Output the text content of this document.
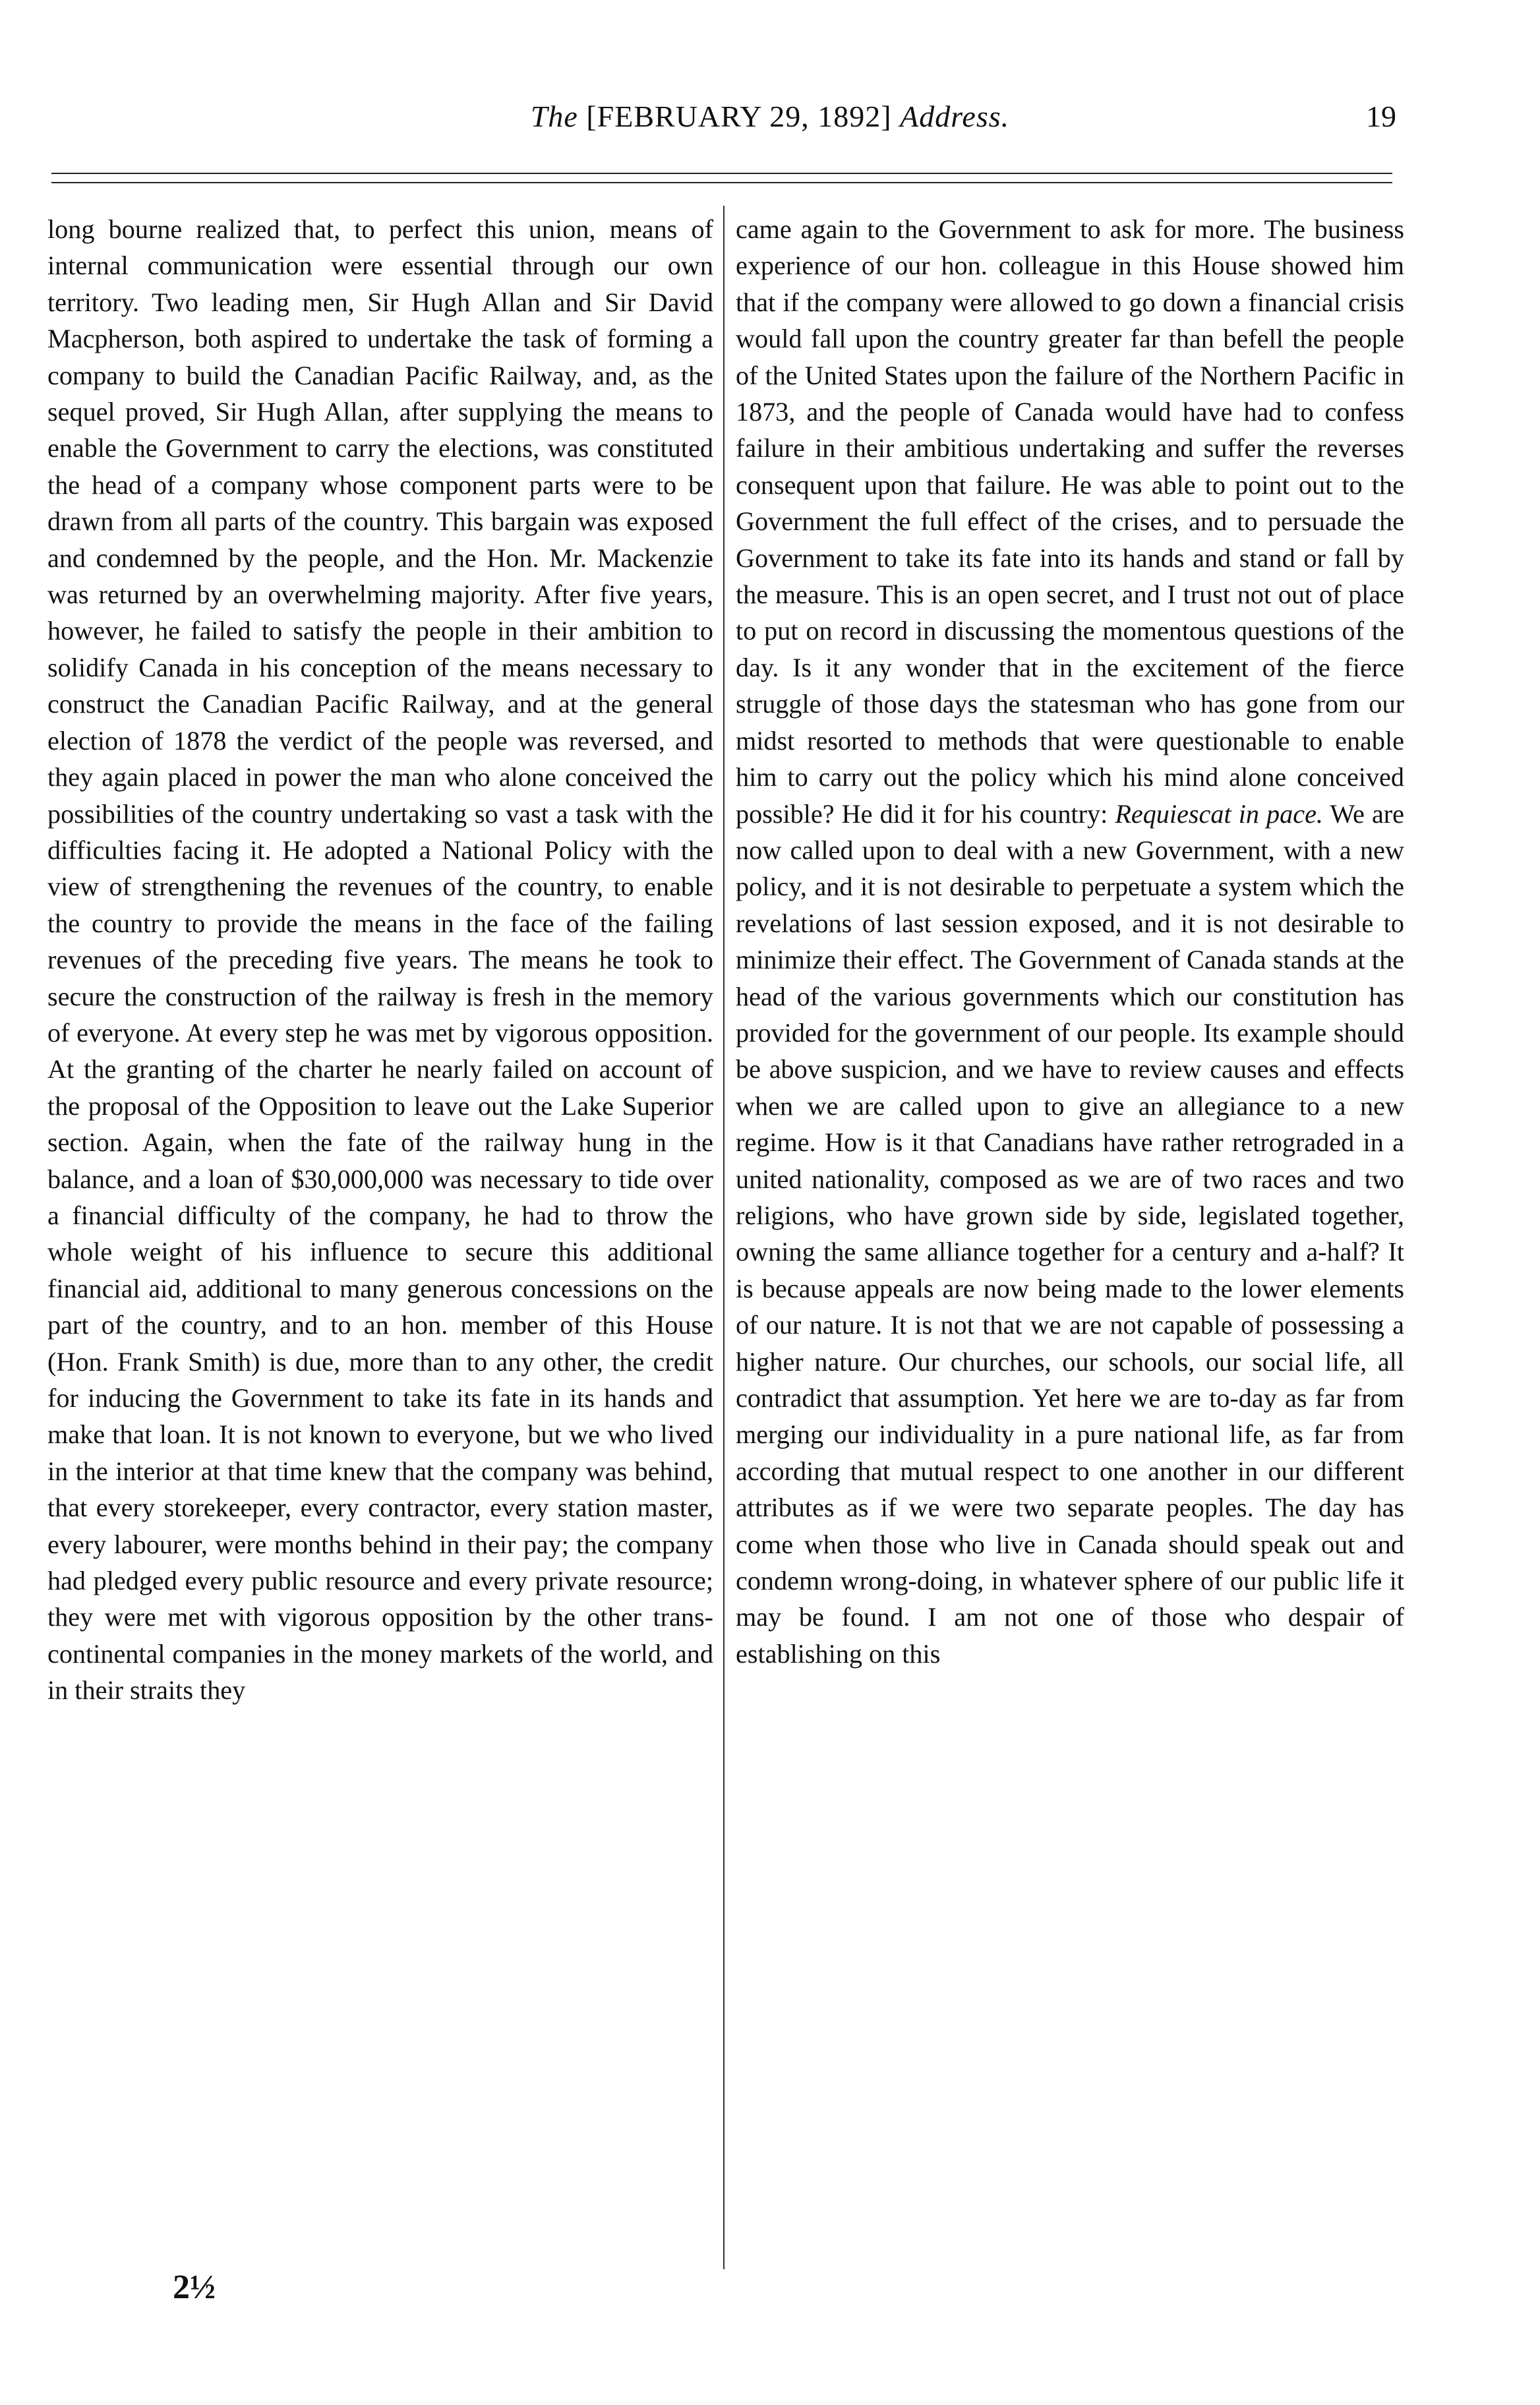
The [FEBRUARY 29, 1892] Address.	19

long bourne realized that, to perfect this union, means of internal communication were essential through our own territory. Two leading men, Sir Hugh Allan and Sir David Macpherson, both aspired to undertake the task of forming a company to build the Canadian Pacific Railway, and, as the sequel proved, Sir Hugh Allan, after supplying the means to enable the Government to carry the elections, was constituted the head of a company whose component parts were to be drawn from all parts of the country. This bargain was exposed and condemned by the people, and the Hon. Mr. Mackenzie was returned by an overwhelming majority. After five years, however, he failed to satisfy the people in their ambition to solidify Canada in his conception of the means necessary to construct the Canadian Pacific Railway, and at the general election of 1878 the verdict of the people was reversed, and they again placed in power the man who alone conceived the possibilities of the country undertaking so vast a task with the difficulties facing it. He adopted a National Policy with the view of strengthening the revenues of the country, to enable the country to provide the means in the face of the failing revenues of the preceding five years. The means he took to secure the construction of the railway is fresh in the memory of everyone. At every step he was met by vigorous opposition. At the granting of the charter he nearly failed on account of the proposal of the Opposition to leave out the Lake Superior section. Again, when the fate of the railway hung in the balance, and a loan of $30,000,000 was necessary to tide over a financial difficulty of the company, he had to throw the whole weight of his influence to secure this additional financial aid, additional to many generous concessions on the part of the country, and to an hon. member of this House (Hon. Frank Smith) is due, more than to any other, the credit for inducing the Government to take its fate in its hands and make that loan. It is not known to everyone, but we who lived in the interior at that time knew that the company was behind, that every storekeeper, every contractor, every station master, every labourer, were months behind in their pay; the company had pledged every public resource and every private resource; they were met with vigorous opposition by the other trans-continental companies in the money markets of the world, and in their straits they

came again to the Government to ask for more. The business experience of our hon. colleague in this House showed him that if the company were allowed to go down a financial crisis would fall upon the country greater far than befell the people of the United States upon the failure of the Northern Pacific in 1873, and the people of Canada would have had to confess failure in their ambitious undertaking and suffer the reverses consequent upon that failure. He was able to point out to the Government the full effect of the crises, and to persuade the Government to take its fate into its hands and stand or fall by the measure. This is an open secret, and I trust not out of place to put on record in discussing the momentous questions of the day. Is it any wonder that in the excitement of the fierce struggle of those days the statesman who has gone from our midst resorted to methods that were questionable to enable him to carry out the policy which his mind alone conceived possible? He did it for his country: Requiescat in pace. We are now called upon to deal with a new Government, with a new policy, and it is not desirable to perpetuate a system which the revelations of last session exposed, and it is not desirable to minimize their effect. The Government of Canada stands at the head of the various governments which our constitution has provided for the government of our people. Its example should be above suspicion, and we have to review causes and effects when we are called upon to give an allegiance to a new regime. How is it that Canadians have rather retrograded in a united nationality, composed as we are of two races and two religions, who have grown side by side, legislated together, owning the same alliance together for a century and a-half? It is because appeals are now being made to the lower elements of our nature. It is not that we are not capable of possessing a higher nature. Our churches, our schools, our social life, all contradict that assumption. Yet here we are to-day as far from merging our individuality in a pure national life, as far from according that mutual respect to one another in our different attributes as if we were two separate peoples. The day has come when those who live in Canada should speak out and condemn wrong-doing, in whatever sphere of our public life it may be found. I am not one of those who despair of establishing on this

2½
